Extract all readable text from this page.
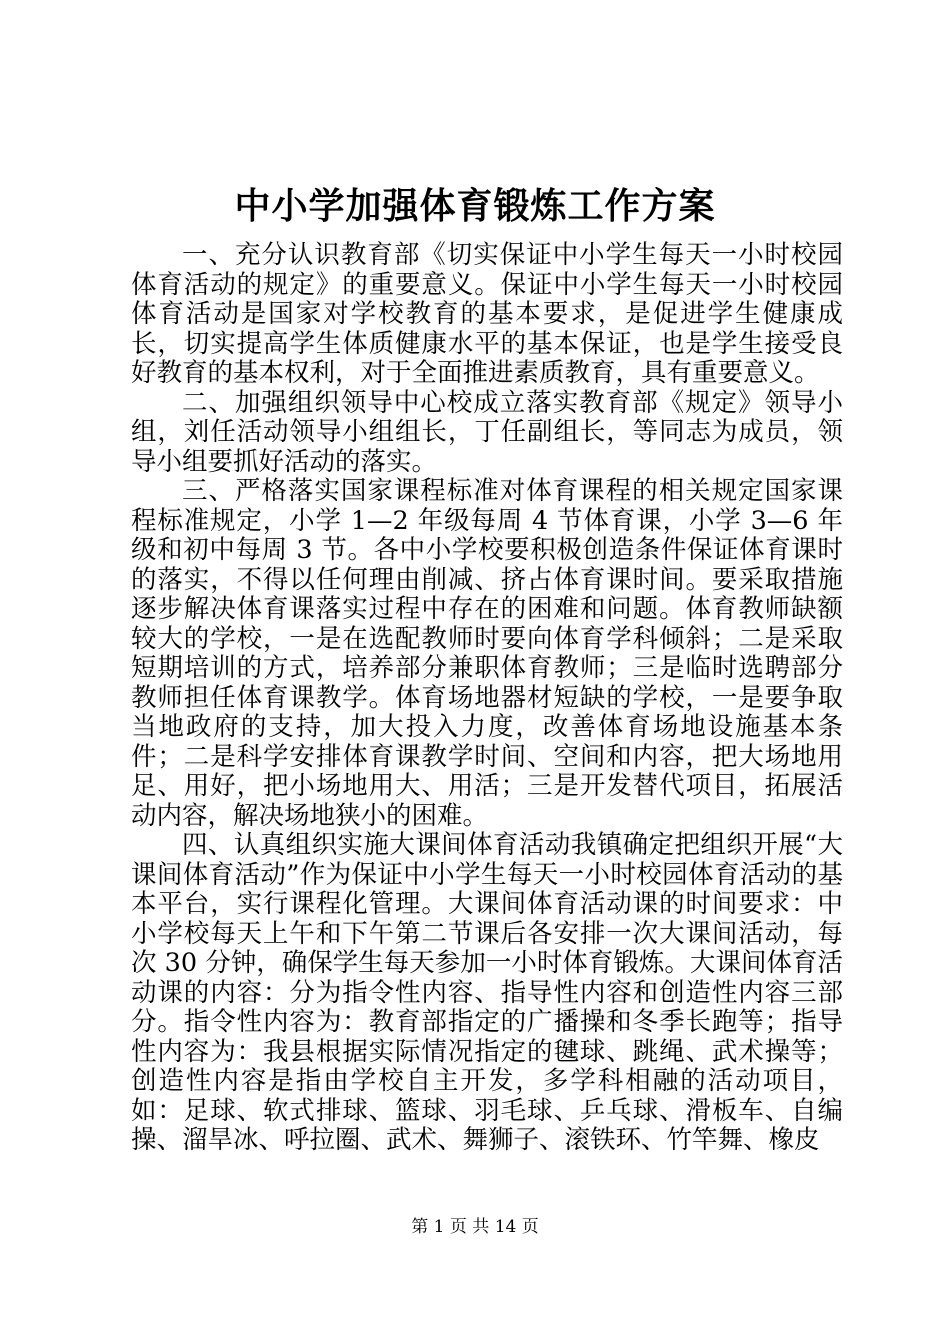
中小学加强体育锻炼工作方案

一、充分认识教育部《切实保证中小学生每天一小时校园体育活动的规定》的重要意义。保证中小学生每天一小时校园体育活动是国家对学校教育的基本要求，是促进学生健康成长，切实提高学生体质健康水平的基本保证，也是学生接受良好教育的基本权利，对于全面推进素质教育，具有重要意义。

二、加强组织领导中心校成立落实教育部《规定》领导小组，刘任活动领导小组组长，丁任副组长，等同志为成员，领导小组要抓好活动的落实。

三、严格落实国家课程标准对体育课程的相关规定国家课程标准规定，小学 1—2 年级每周 4 节体育课，小学 3—6 年级和初中每周 3 节。各中小学校要积极创造条件保证体育课时的落实，不得以任何理由削减、挤占体育课时间。要采取措施逐步解决体育课落实过程中存在的困难和问题。体育教师缺额较大的学校，一是在选配教师时要向体育学科倾斜；二是采取短期培训的方式，培养部分兼职体育教师；三是临时选聘部分教师担任体育课教学。体育场地器材短缺的学校，一是要争取当地政府的支持，加大投入力度，改善体育场地设施基本条件；二是科学安排体育课教学时间、空间和内容，把大场地用足、用好，把小场地用大、用活；三是开发替代项目，拓展活动内容，解决场地狭小的困难。

四、认真组织实施大课间体育活动我镇确定把组织开展“大课间体育活动”作为保证中小学生每天一小时校园体育活动的基本平台，实行课程化管理。大课间体育活动课的时间要求：中小学校每天上午和下午第二节课后各安排一次大课间活动，每次 30 分钟，确保学生每天参加一小时体育锻炼。大课间体育活动课的内容：分为指令性内容、指导性内容和创造性内容三部分。指令性内容为：教育部指定的广播操和冬季长跑等；指导性内容为：我县根据实际情况指定的毽球、跳绳、武术操等；创造性内容是指由学校自主开发，多学科相融的活动项目，如：足球、软式排球、篮球、羽毛球、乒乓球、滑板车、自编操、溜旱冰、呼拉圈、武术、舞狮子、滚铁环、竹竿舞、橡皮

第 1 页 共 14 页
